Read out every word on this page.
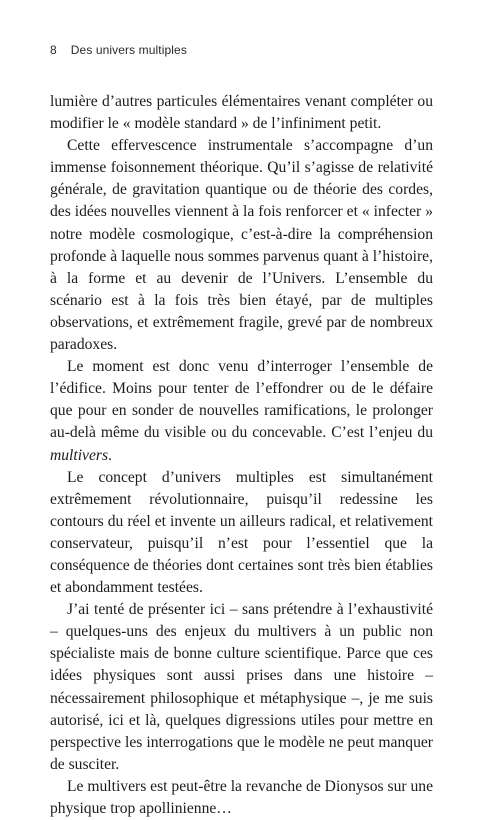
8 Des univers multiples

lumière d’autres particules élémentaires venant compléter ou modifier le « modèle standard » de l’infiniment petit.

Cette effervescence instrumentale s’accompagne d’un immense foisonnement théorique. Qu’il s’agisse de relativité générale, de gravitation quantique ou de théorie des cordes, des idées nouvelles viennent à la fois renforcer et « infecter » notre modèle cosmologique, c’est-à-dire la compréhension profonde à laquelle nous sommes parvenus quant à l’histoire, à la forme et au devenir de l’Univers. L’ensemble du scénario est à la fois très bien étayé, par de multiples observations, et extrêmement fragile, grevé par de nombreux paradoxes.

Le moment est donc venu d’interroger l’ensemble de l’édifice. Moins pour tenter de l’effondrer ou de le défaire que pour en sonder de nouvelles ramifications, le prolonger au-delà même du visible ou du concevable. C’est l’enjeu du multivers.

Le concept d’univers multiples est simultanément extrêmement révolutionnaire, puisqu’il redessine les contours du réel et invente un ailleurs radical, et relativement conservateur, puisqu’il n’est pour l’essentiel que la conséquence de théories dont certaines sont très bien établies et abondamment testées.

J’ai tenté de présenter ici – sans prétendre à l’exhaustivité – quelques-uns des enjeux du multivers à un public non spécialiste mais de bonne culture scientifique. Parce que ces idées physiques sont aussi prises dans une histoire – nécessairement philosophique et métaphysique –, je me suis autorisé, ici et là, quelques digressions utiles pour mettre en perspective les interrogations que le modèle ne peut manquer de susciter.

Le multivers est peut-être la revanche de Dionysos sur une physique trop apollinienne…
